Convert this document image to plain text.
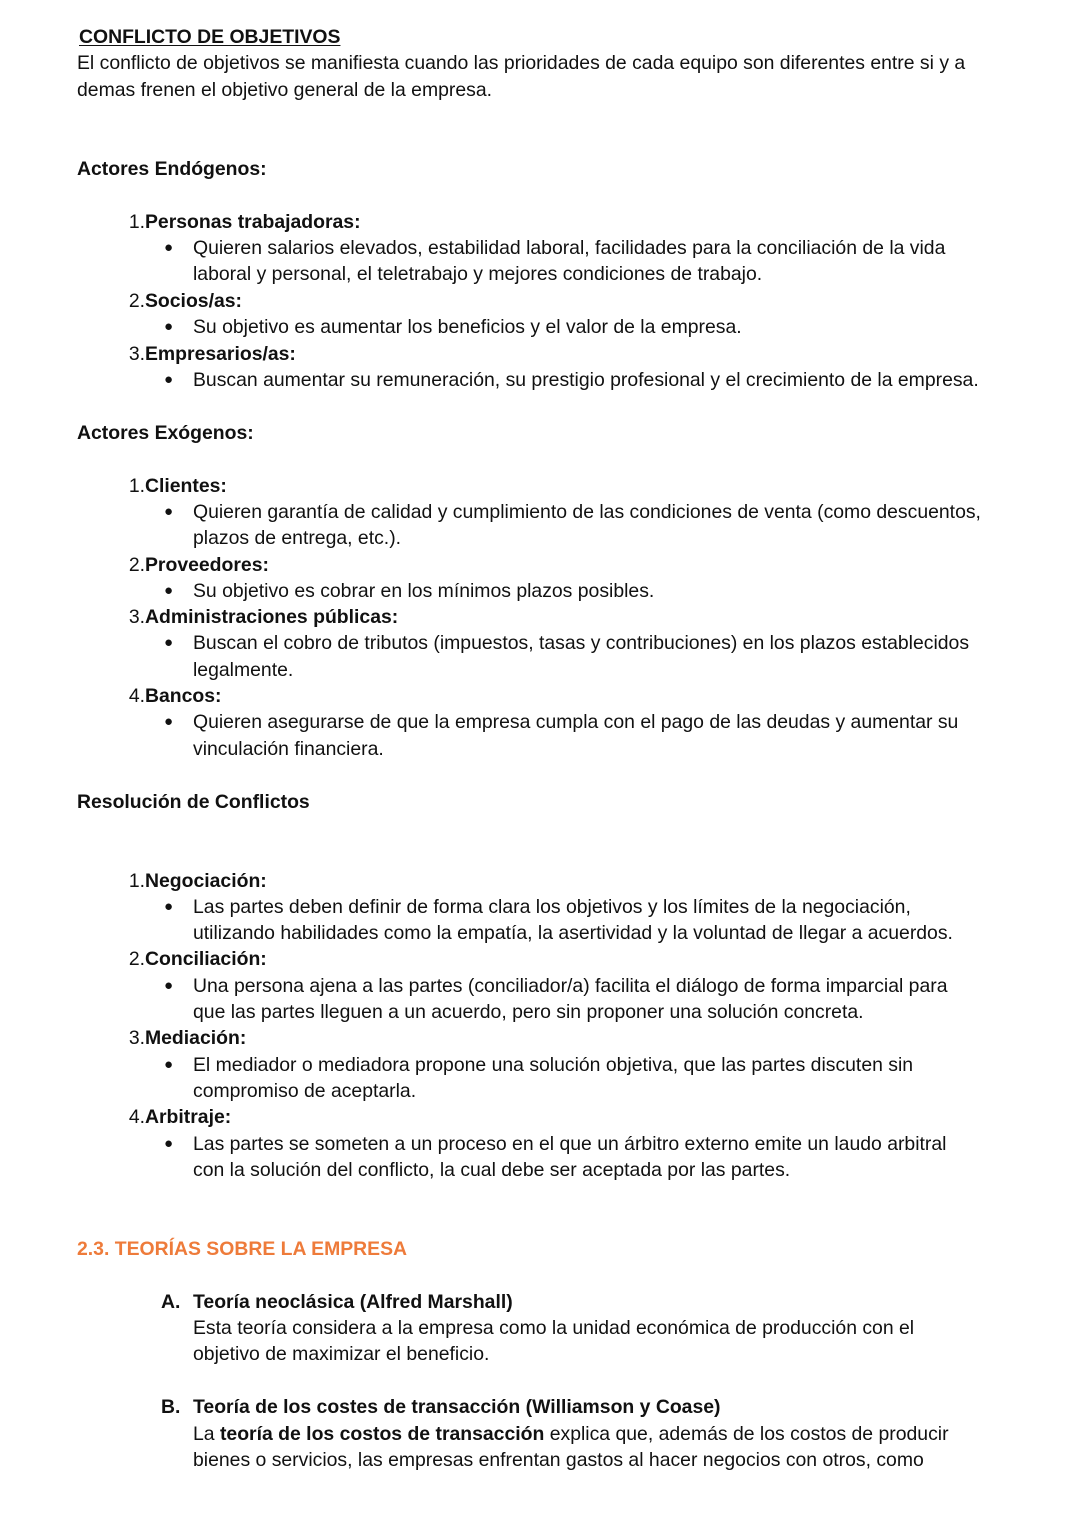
CONFLICTO DE OBJETIVOS
El conflicto de objetivos se manifiesta cuando las prioridades de cada equipo son diferentes entre si y a
demas frenen el objetivo general de la empresa.
Actores Endógenos:
1. Personas trabajadoras:
● Quieren salarios elevados, estabilidad laboral, facilidades para la conciliación de la vida
laboral y personal, el teletrabajo y mejores condiciones de trabajo.
2. Socios/as:
● Su objetivo es aumentar los beneficios y el valor de la empresa.
3. Empresarios/as:
● Buscan aumentar su remuneración, su prestigio profesional y el crecimiento de la empresa.
Actores Exógenos:
1. Clientes:
● Quieren garantía de calidad y cumplimiento de las condiciones de venta (como descuentos,
plazos de entrega, etc.).
2. Proveedores:
● Su objetivo es cobrar en los mínimos plazos posibles.
3. Administraciones públicas:
● Buscan el cobro de tributos (impuestos, tasas y contribuciones) en los plazos establecidos
legalmente.
4. Bancos:
● Quieren asegurarse de que la empresa cumpla con el pago de las deudas y aumentar su
vinculación financiera.
Resolución de Conflictos
1. Negociación:
● Las partes deben definir de forma clara los objetivos y los límites de la negociación,
utilizando habilidades como la empatía, la asertividad y la voluntad de llegar a acuerdos.
2. Conciliación:
● Una persona ajena a las partes (conciliador/a) facilita el diálogo de forma imparcial para
que las partes lleguen a un acuerdo, pero sin proponer una solución concreta.
3. Mediación:
● El mediador o mediadora propone una solución objetiva, que las partes discuten sin
compromiso de aceptarla.
4. Arbitraje:
● Las partes se someten a un proceso en el que un árbitro externo emite un laudo arbitral
con la solución del conflicto, la cual debe ser aceptada por las partes.
2.3. TEORÍAS SOBRE LA EMPRESA
A. Teoría neoclásica (Alfred Marshall)
Esta teoría considera a la empresa como la unidad económica de producción con el
objetivo de maximizar el beneficio.
B. Teoría de los costes de transacción (Williamson y Coase)
La teoría de los costos de transacción explica que, además de los costos de producir
bienes o servicios, las empresas enfrentan gastos al hacer negocios con otros, como
